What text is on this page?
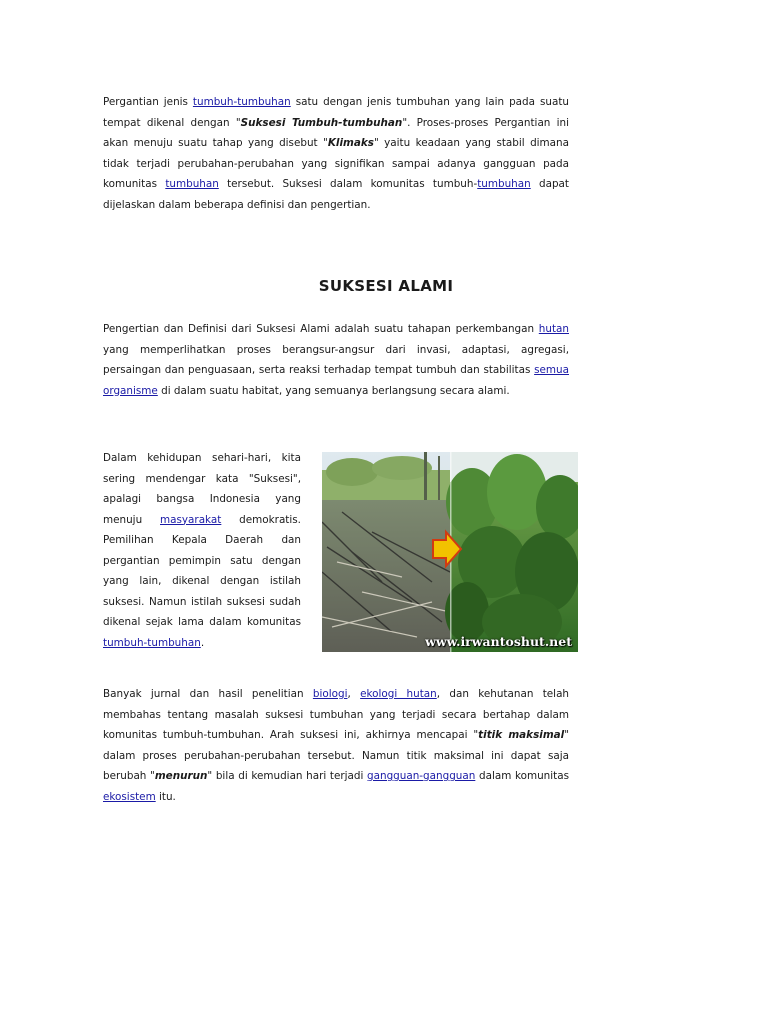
Pergantian jenis tumbuh-tumbuhan satu dengan jenis tumbuhan yang lain pada suatu tempat dikenal dengan "Suksesi Tumbuh-tumbuhan". Proses-proses Pergantian ini akan menuju suatu tahap yang disebut "Klimaks" yaitu keadaan yang stabil dimana tidak terjadi perubahan-perubahan yang signifikan sampai adanya gangguan pada komunitas tumbuhan tersebut. Suksesi dalam komunitas tumbuh-tumbuhan dapat dijelaskan dalam beberapa definisi dan pengertian.

SUKSESI ALAMI

Pengertian dan Definisi dari Suksesi Alami adalah suatu tahapan perkembangan hutan yang memperlihatkan proses berangsur-angsur dari invasi, adaptasi, agregasi, persaingan dan penguasaan, serta reaksi terhadap tempat tumbuh dan stabilitas semua organisme di dalam suatu habitat, yang semuanya berlangsung secara alami.

Dalam kehidupan sehari-hari, kita sering mendengar kata "Suksesi", apalagi bangsa Indonesia yang menuju masyarakat demokratis. Pemilihan Kepala Daerah dan pergantian pemimpin satu dengan yang lain, dikenal dengan istilah suksesi. Namun istilah suksesi sudah dikenal sejak lama dalam komunitas tumbuh-tumbuhan.	www.irwantoshut.net

Banyak jurnal dan hasil penelitian biologi, ekologi hutan, dan kehutanan telah membahas tentang masalah suksesi tumbuhan yang terjadi secara bertahap dalam komunitas tumbuh-tumbuhan. Arah suksesi ini, akhirnya mencapai "titik maksimal" dalam proses perubahan-perubahan tersebut. Namun titik maksimal ini dapat saja berubah "menurun" bila di kemudian hari terjadi gangguan-gangguan dalam komunitas ekosistem itu.
